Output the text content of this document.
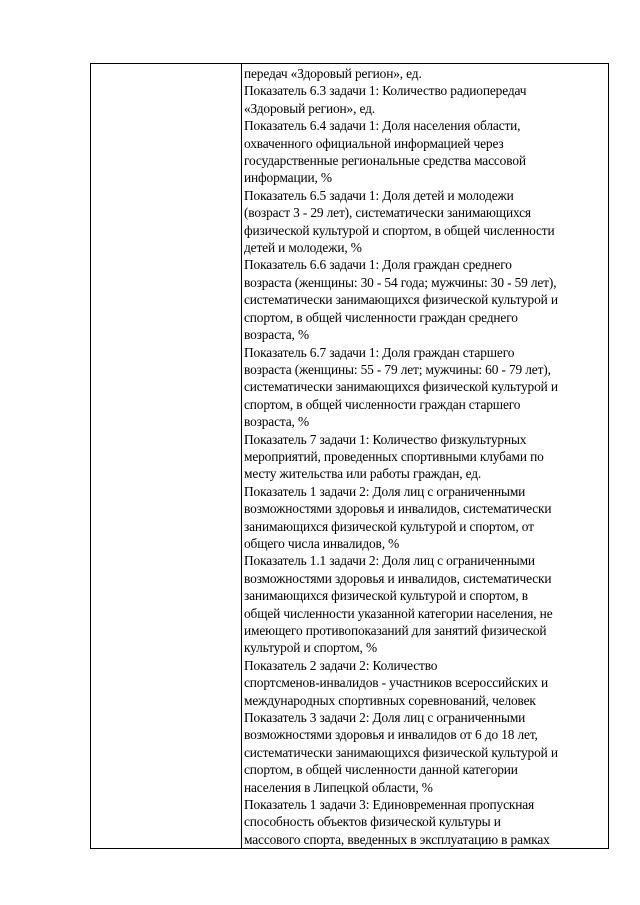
передач «Здоровый регион», ед.
Показатель 6.3 задачи 1: Количество радиопередач
«Здоровый регион», ед.
Показатель 6.4 задачи 1: Доля населения области,
охваченного официальной информацией через
государственные региональные средства массовой
информации, %
Показатель 6.5 задачи 1: Доля детей и молодежи
(возраст 3 - 29 лет), систематически занимающихся
физической культурой и спортом, в общей численности
детей и молодежи, %
Показатель 6.6 задачи 1: Доля граждан среднего
возраста (женщины: 30 - 54 года; мужчины: 30 - 59 лет),
систематически занимающихся физической культурой и
спортом, в общей численности граждан среднего
возраста, %
Показатель 6.7 задачи 1: Доля граждан старшего
возраста (женщины: 55 - 79 лет; мужчины: 60 - 79 лет),
систематически занимающихся физической культурой и
спортом, в общей численности граждан старшего
возраста, %
Показатель 7 задачи 1: Количество физкультурных
мероприятий, проведенных спортивными клубами по
месту жительства или работы граждан, ед.
Показатель 1 задачи 2: Доля лиц с ограниченными
возможностями здоровья и инвалидов, систематически
занимающихся физической культурой и спортом, от
общего числа инвалидов, %
Показатель 1.1 задачи 2: Доля лиц с ограниченными
возможностями здоровья и инвалидов, систематически
занимающихся физической культурой и спортом, в
общей численности указанной категории населения, не
имеющего противопоказаний для занятий физической
культурой и спортом, %
Показатель 2 задачи 2: Количество
спортсменов-инвалидов - участников всероссийских и
международных спортивных соревнований, человек
Показатель 3 задачи 2: Доля лиц с ограниченными
возможностями здоровья и инвалидов от 6 до 18 лет,
систематически занимающихся физической культурой и
спортом, в общей численности данной категории
населения в Липецкой области, %
Показатель 1 задачи 3: Единовременная пропускная
способность объектов физической культуры и
массового спорта, введенных в эксплуатацию в рамках
